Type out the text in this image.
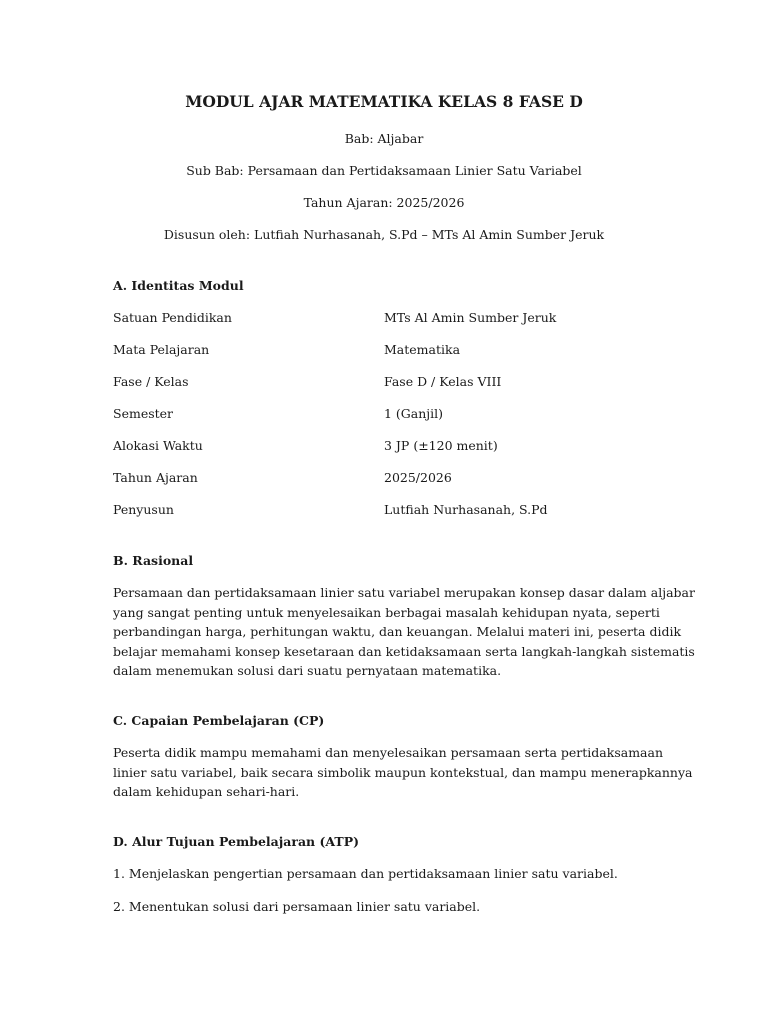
MODUL AJAR MATEMATIKA KELAS 8 FASE D
Bab: Aljabar
Sub Bab: Persamaan dan Pertidaksamaan Linier Satu Variabel
Tahun Ajaran: 2025/2026
Disusun oleh: Lutfiah Nurhasanah, S.Pd – MTs Al Amin Sumber Jeruk
A. Identitas Modul
Satuan Pendidikan	MTs Al Amin Sumber Jeruk
Mata Pelajaran	Matematika
Fase / Kelas	Fase D / Kelas VIII
Semester	1 (Ganjil)
Alokasi Waktu	3 JP (±120 menit)
Tahun Ajaran	2025/2026
Penyusun	Lutfiah Nurhasanah, S.Pd
B. Rasional
Persamaan dan pertidaksamaan linier satu variabel merupakan konsep dasar dalam aljabar
yang sangat penting untuk menyelesaikan berbagai masalah kehidupan nyata, seperti
perbandingan harga, perhitungan waktu, dan keuangan. Melalui materi ini, peserta didik
belajar memahami konsep kesetaraan dan ketidaksamaan serta langkah-langkah sistematis
dalam menemukan solusi dari suatu pernyataan matematika.
C. Capaian Pembelajaran (CP)
Peserta didik mampu memahami dan menyelesaikan persamaan serta pertidaksamaan
linier satu variabel, baik secara simbolik maupun kontekstual, dan mampu menerapkannya
dalam kehidupan sehari-hari.
D. Alur Tujuan Pembelajaran (ATP)
1. Menjelaskan pengertian persamaan dan pertidaksamaan linier satu variabel.
2. Menentukan solusi dari persamaan linier satu variabel.
